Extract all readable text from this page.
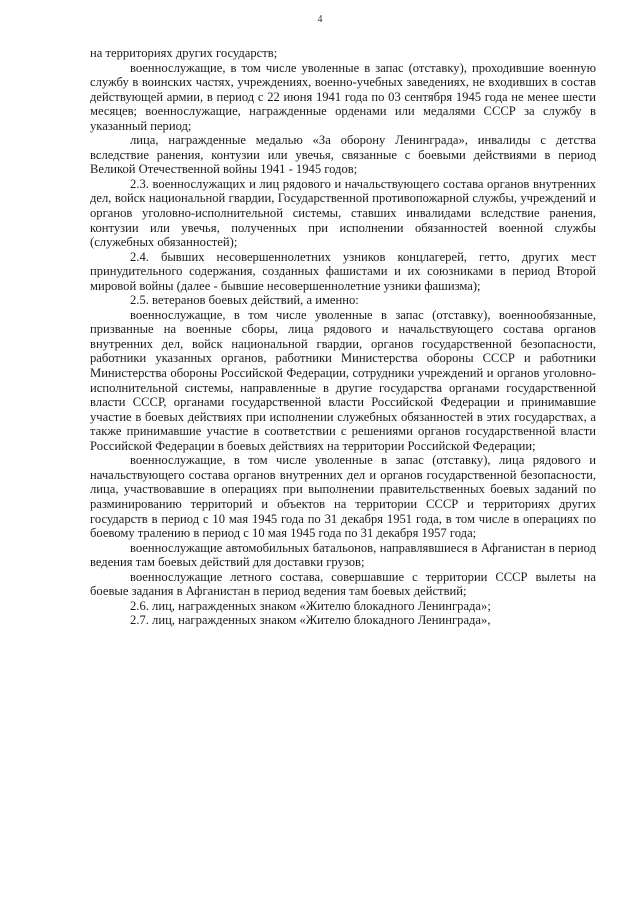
4

на территориях других государств;

военнослужащие, в том числе уволенные в запас (отставку), проходившие военную службу в воинских частях, учреждениях, военно-учебных заведениях, не входивших в состав действующей армии, в период с 22 июня 1941 года по 03 сентября 1945 года не менее шести месяцев; военнослужащие, награжденные орденами или медалями СССР за службу в указанный период;

лица, награжденные медалью «За оборону Ленинграда», инвалиды с детства вследствие ранения, контузии или увечья, связанные с боевыми действиями в период Великой Отечественной войны 1941 - 1945 годов;

2.3. военнослужащих и лиц рядового и начальствующего состава органов внутренних дел, войск национальной гвардии, Государственной противопожарной службы, учреждений и органов уголовно-исполнительной системы, ставших инвалидами вследствие ранения, контузии или увечья, полученных при исполнении обязанностей военной службы (служебных обязанностей);

2.4. бывших несовершеннолетних узников концлагерей, гетто, других мест принудительного содержания, созданных фашистами и их союзниками в период Второй мировой войны (далее - бывшие несовершеннолетние узники фашизма);

2.5. ветеранов боевых действий, а именно:

военнослужащие, в том числе уволенные в запас (отставку), военнообязанные, призванные на военные сборы, лица рядового и начальствующего состава органов внутренних дел, войск национальной гвардии, органов государственной безопасности, работники указанных органов, работники Министерства обороны СССР и работники Министерства обороны Российской Федерации, сотрудники учреждений и органов уголовно-исполнительной системы, направленные в другие государства органами государственной власти СССР, органами государственной власти Российской Федерации и принимавшие участие в боевых действиях при исполнении служебных обязанностей в этих государствах, а также принимавшие участие в соответствии с решениями органов государственной власти Российской Федерации в боевых действиях на территории Российской Федерации;

военнослужащие, в том числе уволенные в запас (отставку), лица рядового и начальствующего состава органов внутренних дел и органов государственной безопасности, лица, участвовавшие в операциях при выполнении правительственных боевых заданий по разминированию территорий и объектов на территории СССР и территориях других государств в период с 10 мая 1945 года по 31 декабря 1951 года, в том числе в операциях по боевому тралению в период с 10 мая 1945 года по 31 декабря 1957 года;

военнослужащие автомобильных батальонов, направлявшиеся в Афганистан в период ведения там боевых действий для доставки грузов;

военнослужащие летного состава, совершавшие с территории СССР вылеты на боевые задания в Афганистан в период ведения там боевых действий;

2.6. лиц, награжденных знаком «Жителю блокадного Ленинграда»;

2.7. лиц, награжденных знаком «Жителю блокадного Ленинграда»,
